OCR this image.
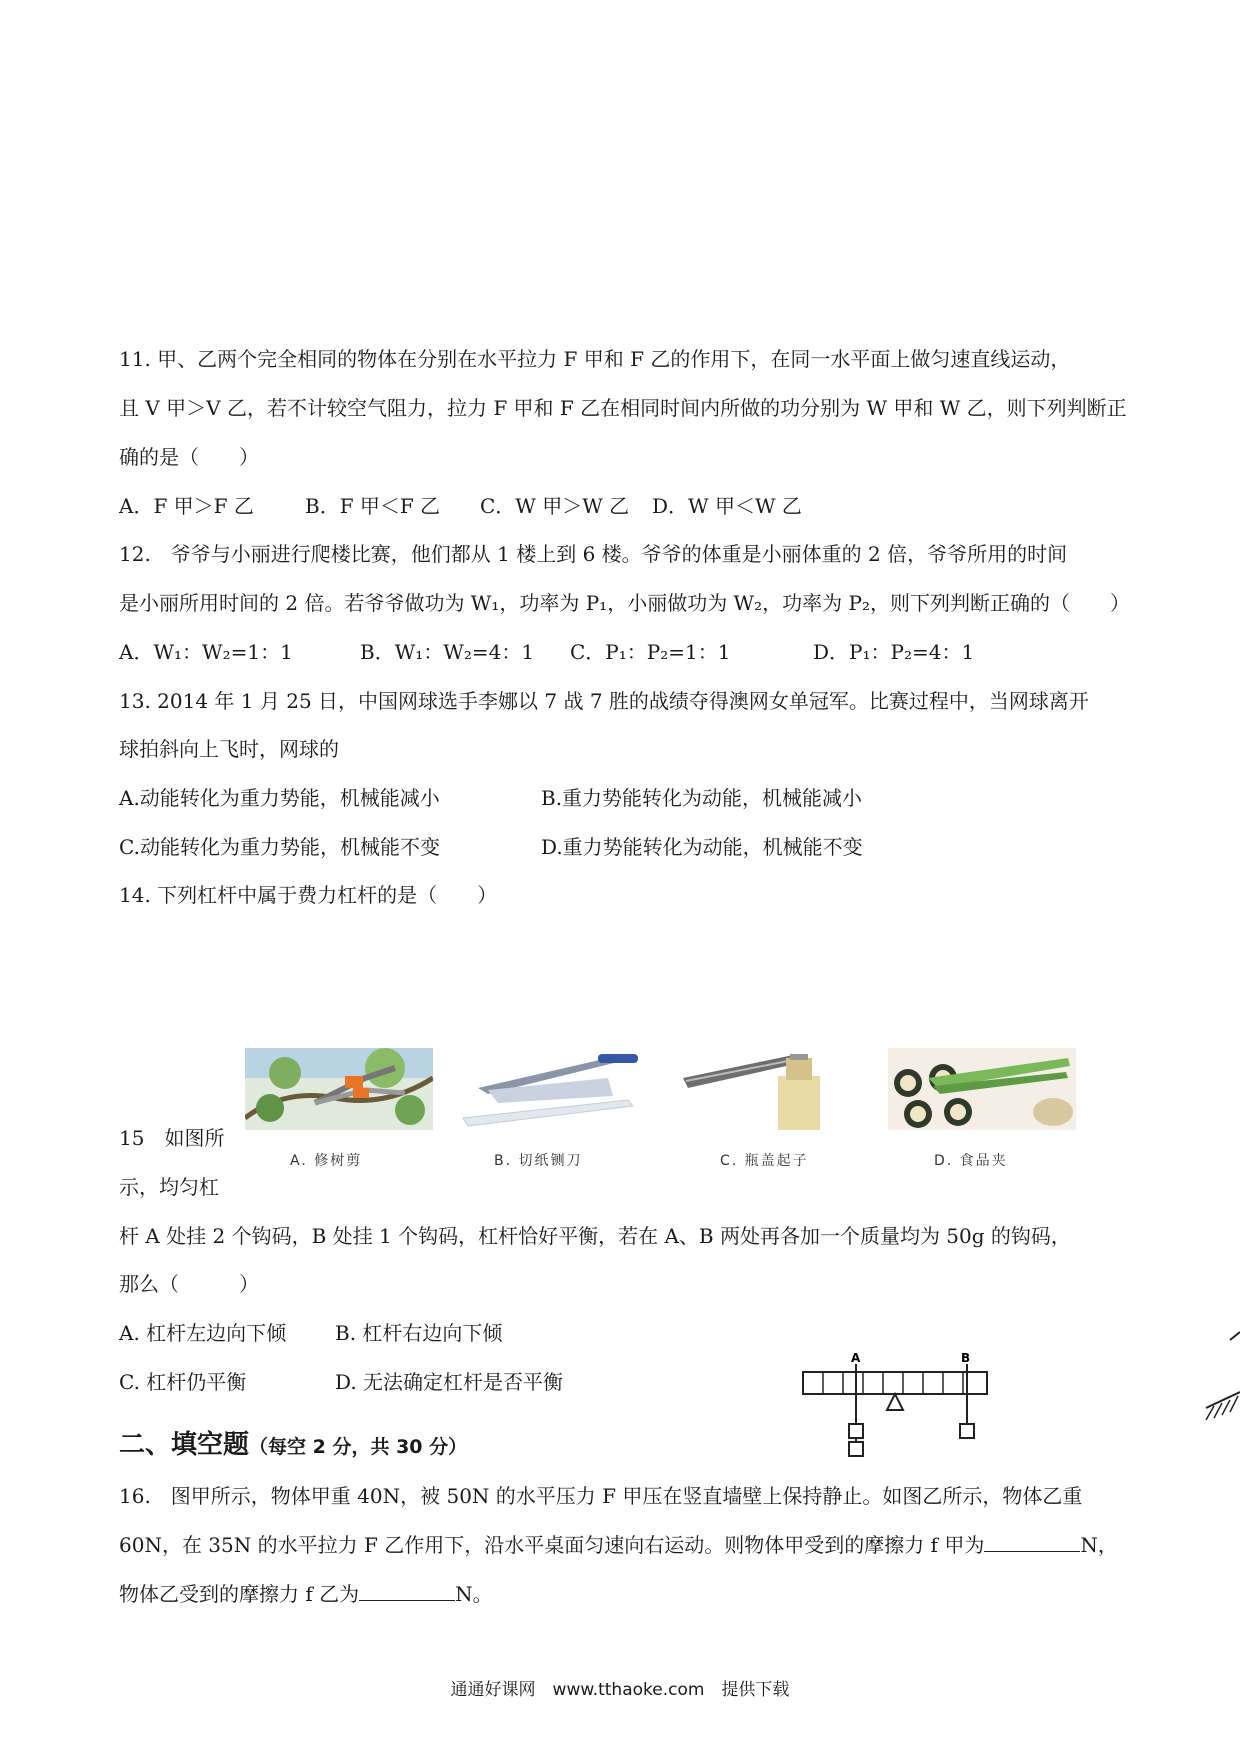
11. 甲、乙两个完全相同的物体在分别在水平拉力 F 甲和 F 乙的作用下，在同一水平面上做匀速直线运动，
且 V 甲＞V 乙，若不计较空气阻力，拉力 F 甲和 F 乙在相同时间内所做的功分别为 W 甲和 W 乙，则下列判断正
确的是（　　）
A．F 甲＞F 乙	B．F 甲＜F 乙 C．W 甲＞W 乙 D．W 甲＜W 乙
12.　爷爷与小丽进行爬楼比赛，他们都从 1 楼上到 6 楼。爷爷的体重是小丽体重的 2 倍，爷爷所用的时间
是小丽所用时间的 2 倍。若爷爷做功为 W₁，功率为 P₁，小丽做功为 W₂，功率为 P₂，则下列判断正确的（　　）
A．W₁：W₂=1：1	B．W₁：W₂=4：1 C．P₁：P₂=1：1	D．P₁：P₂=4：1
13. 2014 年 1 月 25 日，中国网球选手李娜以 7 战 7 胜的战绩夺得澳网女单冠军。比赛过程中，当网球离开
球拍斜向上飞时，网球的
A.动能转化为重力势能，机械能减小	B.重力势能转化为动能，机械能减小
C.动能转化为重力势能，机械能不变	D.重力势能转化为动能，机械能不变
14. 下列杠杆中属于费力杠杆的是（　　）
A. 修树剪	B. 切纸铡刀	C. 瓶盖起子	D. 食品夹
15　如图所
示，均匀杠
杆 A 处挂 2 个钩码，B 处挂 1 个钩码，杠杆恰好平衡，若在 A、B 两处再各加一个质量均为 50g 的钩码，
那么（　　　）
A. 杠杆左边向下倾 B. 杠杆右边向下倾
C. 杠杆仍平衡	D. 无法确定杠杆是否平衡
A	B
二、填空题（每空 2 分，共 30 分）
16.　图甲所示，物体甲重 40N，被 50N 的水平压力 F 甲压在竖直墙壁上保持静止。如图乙所示，物体乙重
60N，在 35N 的水平拉力 F 乙作用下，沿水平桌面匀速向右运动。则物体甲受到的摩擦力 f 甲为	N，
物体乙受到的摩擦力 f 乙为	N。
通通好课网　www.tthaoke.com　提供下载
